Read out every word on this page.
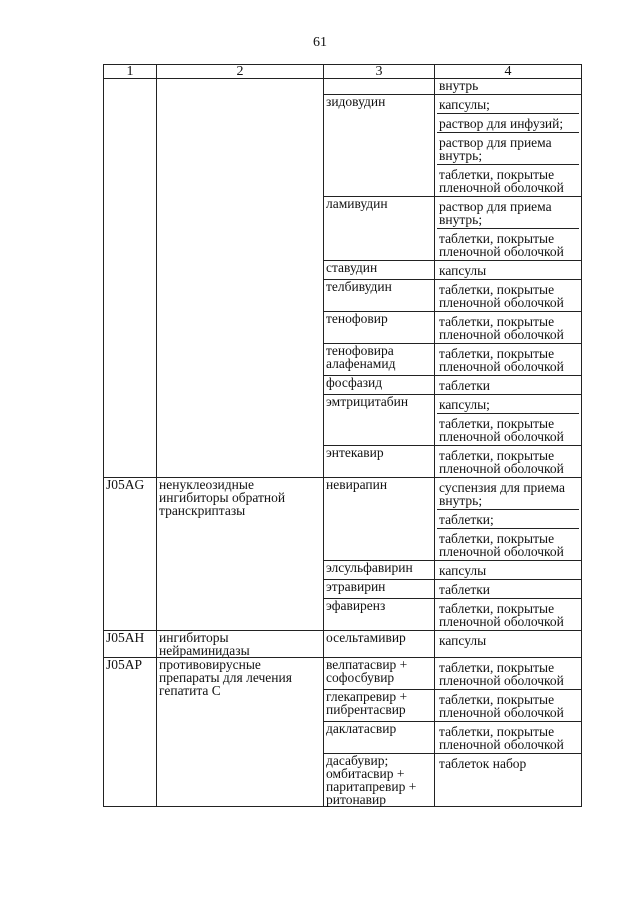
61
1	2	3	4

			внутрь

		зидовудин	капсулы;
раствор для инфузий;
раствор для приема внутрь;
таблетки, покрытые пленочной оболочкой

		ламивудин	раствор для приема внутрь;
таблетки, покрытые пленочной оболочкой

		ставудин	капсулы

		телбивудин	таблетки, покрытые пленочной оболочкой

		тенофовир	таблетки, покрытые пленочной оболочкой

		тенофовира алафенамид	таблетки, покрытые пленочной оболочкой

		фосфазид	таблетки

		эмтрицитабин	капсулы;
таблетки, покрытые пленочной оболочкой

		энтекавир	таблетки, покрытые пленочной оболочкой

J05AG	ненуклеозидные ингибиторы обратной транскриптазы	невирапин	суспензия для приема внутрь;
таблетки;
таблетки, покрытые пленочной оболочкой

		элсульфавирин	капсулы

		этравирин	таблетки

		эфавиренз	таблетки, покрытые пленочной оболочкой

J05AH	ингибиторы нейраминидазы	осельтамивир	капсулы

J05AP	противовирусные препараты для лечения гепатита С	велпатасвир + софосбувир	таблетки, покрытые пленочной оболочкой

		глекапревир + пибрентасвир	таблетки, покрытые пленочной оболочкой

		даклатасвир	таблетки, покрытые пленочной оболочкой

		дасабувир; омбитасвир + паритапревир + ритонавир	таблеток набор
